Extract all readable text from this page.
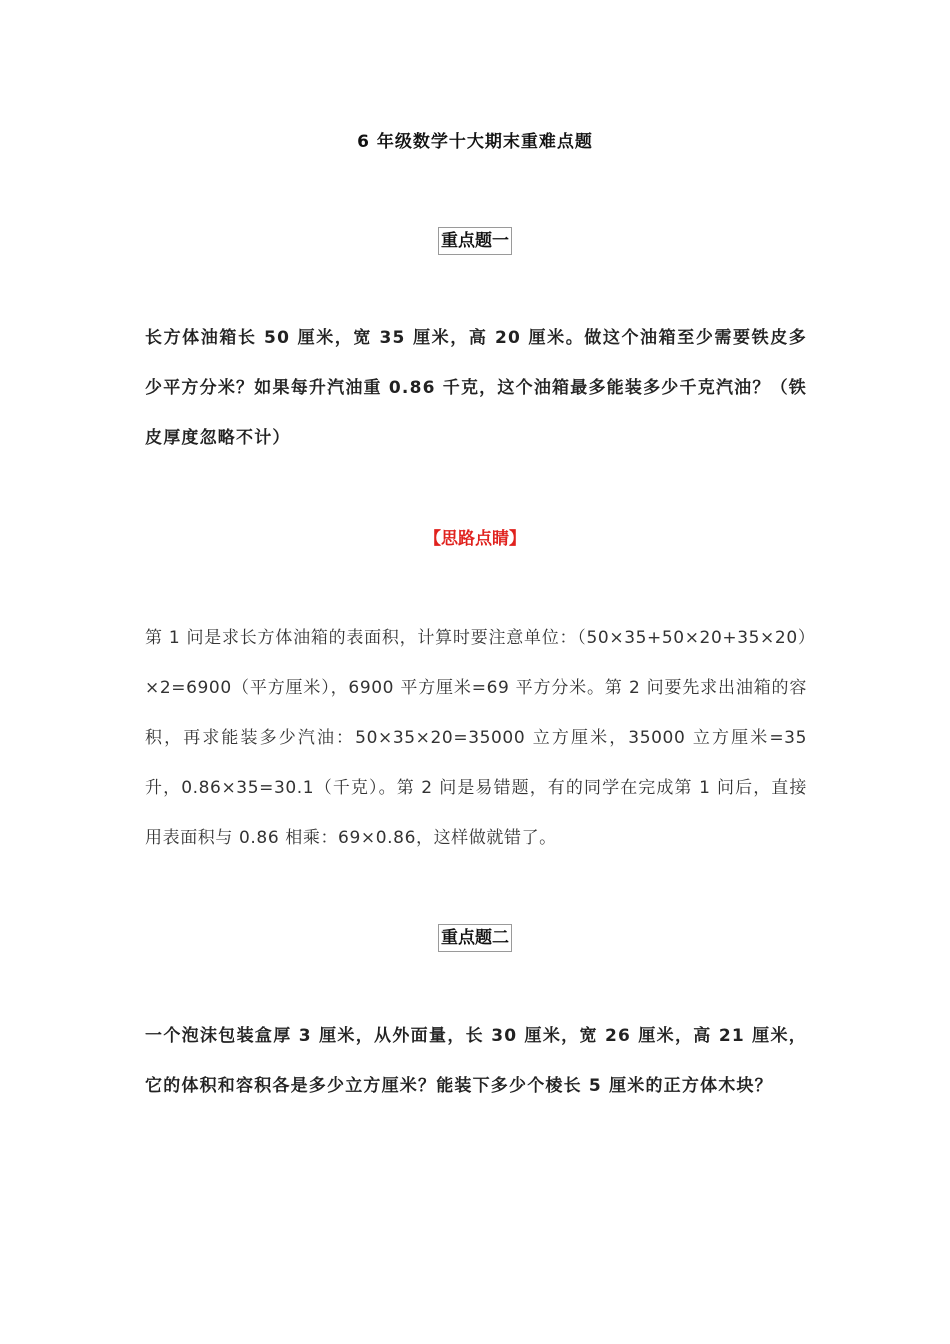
6 年级数学十大期末重难点题
重点题一

长方体油箱长 50 厘米，宽 35 厘米，高 20 厘米。做这个油箱至少需要铁皮多少平方分米？如果每升汽油重 0.86 千克，这个油箱最多能装多少千克汽油？（铁皮厚度忽略不计）

【思路点睛】

第 1 问是求长方体油箱的表面积，计算时要注意单位：（50×35+50×20+35×20）×2=6900（平方厘米），6900 平方厘米=69 平方分米。第 2 问要先求出油箱的容积，再求能装多少汽油：50×35×20=35000 立方厘米，35000 立方厘米=35 升，0.86×35=30.1（千克）。第 2 问是易错题，有的同学在完成第 1 问后，直接用表面积与 0.86 相乘：69×0.86，这样做就错了。

重点题二

一个泡沫包装盒厚 3 厘米，从外面量，长 30 厘米，宽 26 厘米，高 21 厘米，它的体积和容积各是多少立方厘米？能装下多少个棱长 5 厘米的正方体木块？
